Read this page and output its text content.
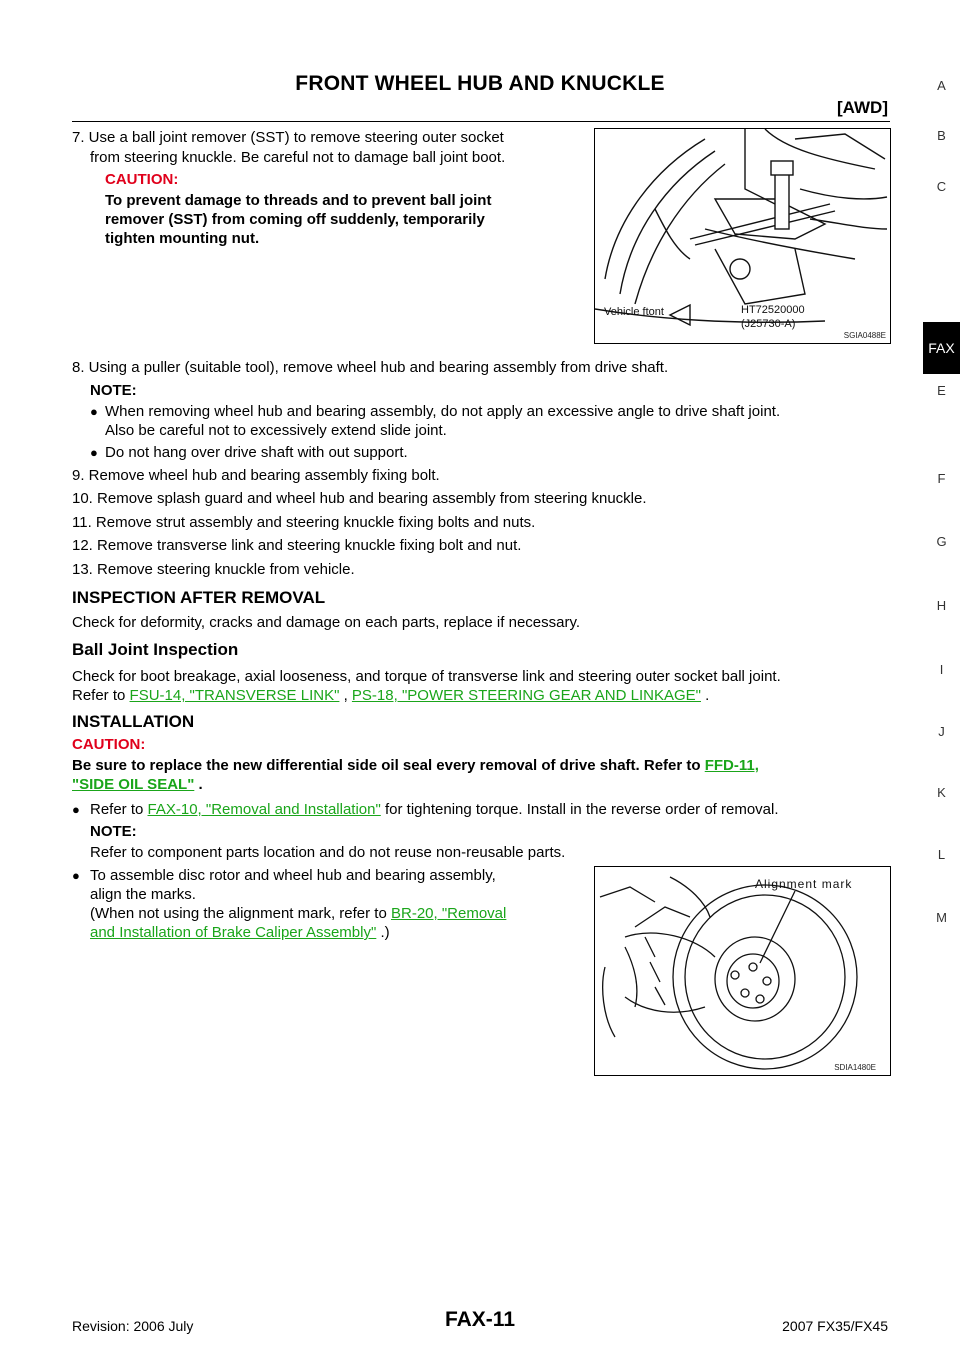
FRONT WHEEL HUB AND KNUCKLE
[AWD]
A
B
C
FAX
E
F
G
H
I
J
K
L
M
7. Use a ball joint remover (SST) to remove steering outer socket
from steering knuckle. Be careful not to damage ball joint boot.
CAUTION:
To prevent damage to threads and to prevent ball joint
remover (SST) from coming off suddenly, temporarily
tighten mounting nut.
Vehicle ftont	HT72520000
(J25730-A)
SGIA0488E
8. Using a puller (suitable tool), remove wheel hub and bearing assembly from drive shaft.
NOTE:
● When removing wheel hub and bearing assembly, do not apply an excessive angle to drive shaft joint.
Also be careful not to excessively extend slide joint.
● Do not hang over drive shaft with out support.
9. Remove wheel hub and bearing assembly fixing bolt.
10. Remove splash guard and wheel hub and bearing assembly from steering knuckle.
11. Remove strut assembly and steering knuckle fixing bolts and nuts.
12. Remove transverse link and steering knuckle fixing bolt and nut.
13. Remove steering knuckle from vehicle.
INSPECTION AFTER REMOVAL
Check for deformity, cracks and damage on each parts, replace if necessary.
Ball Joint Inspection
Check for boot breakage, axial looseness, and torque of transverse link and steering outer socket ball joint.
Refer to FSU-14, "TRANSVERSE LINK" , PS-18, "POWER STEERING GEAR AND LINKAGE" .
INSTALLATION
CAUTION:
Be sure to replace the new differential side oil seal every removal of drive shaft. Refer to FFD-11,
"SIDE OIL SEAL" .
● Refer to FAX-10, "Removal and Installation" for tightening torque. Install in the reverse order of removal.
NOTE:
Refer to component parts location and do not reuse non-reusable parts.
● To assemble disc rotor and wheel hub and bearing assembly,
align the marks.
(When not using the alignment mark, refer to BR-20, "Removal
and Installation of Brake Caliper Assembly" .)
Alignment mark
SDIA1480E
Revision: 2006 July	FAX-11	2007 FX35/FX45
